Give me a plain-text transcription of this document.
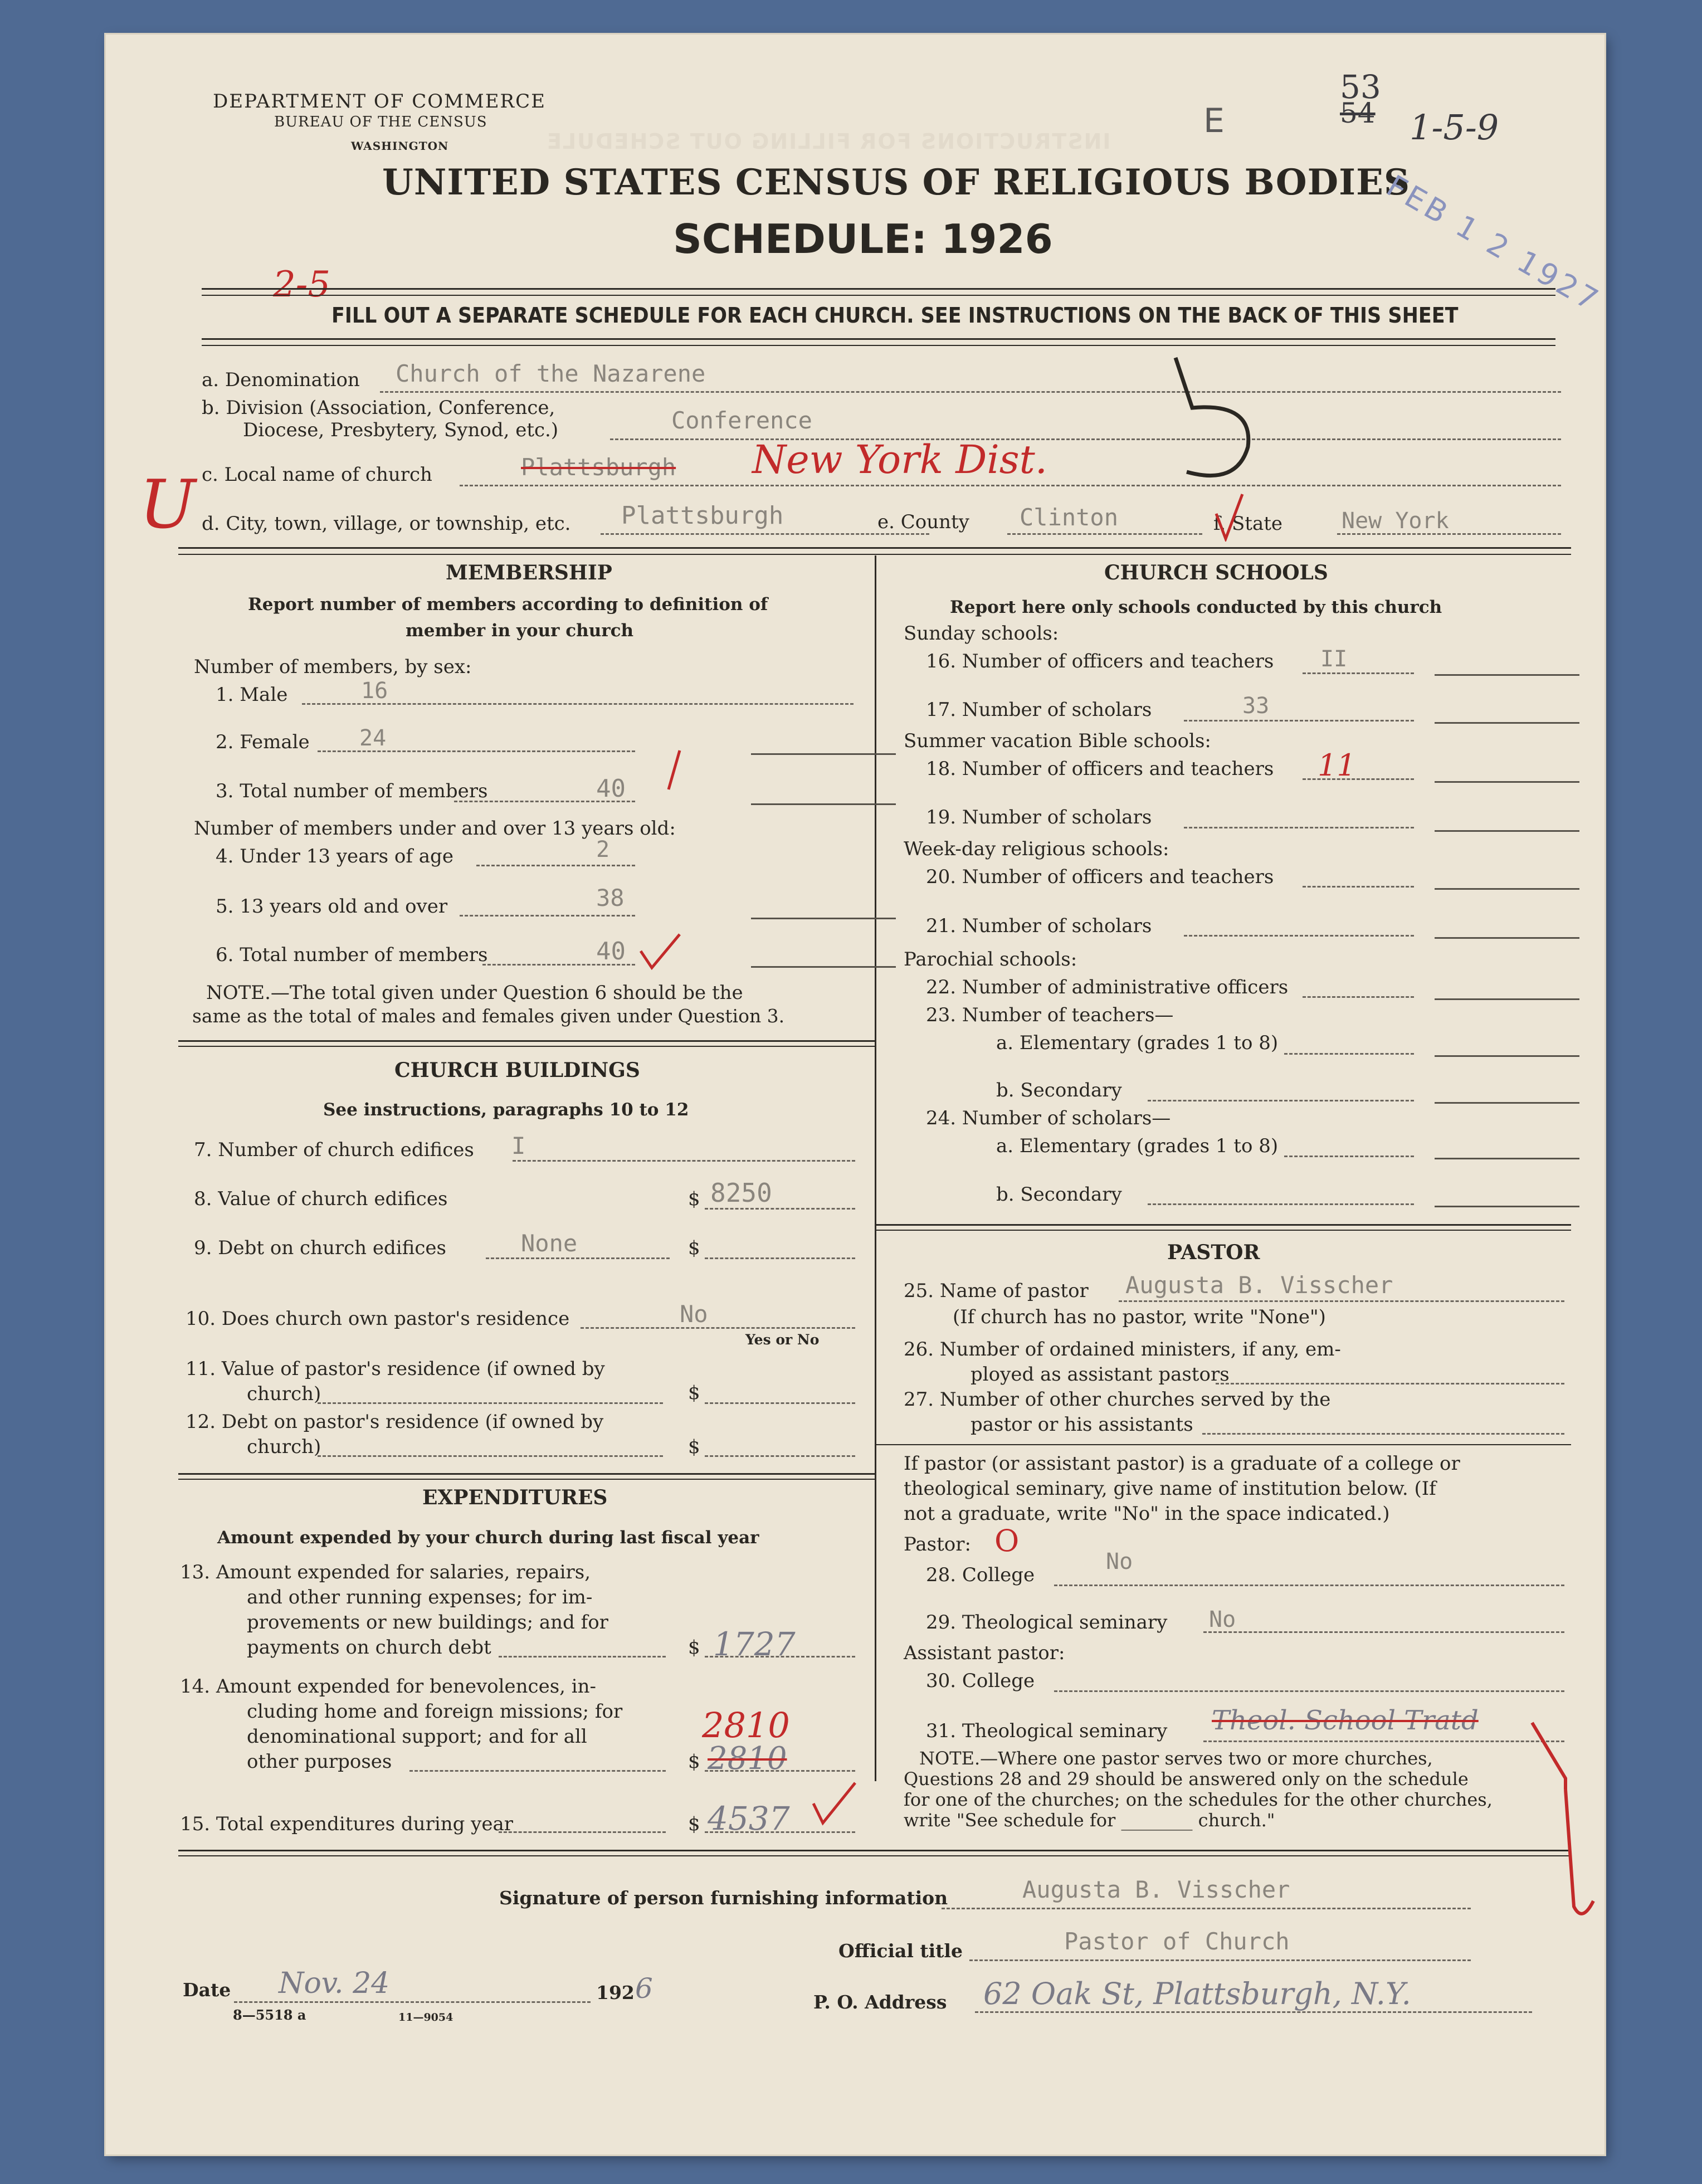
INSTRUCTIONS FOR FILLING OUT SCHEDULE
DEPARTMENT OF COMMERCE
BUREAU OF THE CENSUS
WASHINGTON
UNITED STATES CENSUS OF RELIGIOUS BODIES
SCHEDULE: 1926
E
53
54 1-5-9
FEB 1 2 1927
2-5
FILL OUT A SEPARATE SCHEDULE FOR EACH CHURCH. SEE INSTRUCTIONS ON THE BACK OF THIS SHEET
a. Denomination Church of the Nazarene
b. Division (Association, Conference,
Diocese, Presbytery, Synod, etc.)	Conference
c. Local name of church	Plattsburgh New York Dist.
U d. City, town, village, or township, etc. Plattsburgh	e. County Clinton	f. State	New York
MEMBERSHIP
Report number of members according to definition of
member in your church
Number of members, by sex:
1. Male	16
2. Female 24
3. Total number of members	40
Number of members under and over 13 years old:
4. Under 13 years of age	2
5. 13 years old and over	38
6. Total number of members	40
NOTE.—The total given under Question 6 should be the
same as the total of males and females given under Question 3.
CHURCH BUILDINGS
See instructions, paragraphs 10 to 12
7. Number of church edifices I
8. Value of church edifices	$ 8250
9. Debt on church edifices	None	$
10. Does church own pastor's residence	No
Yes or No
11. Value of pastor's residence (if owned by
church)	$
12. Debt on pastor's residence (if owned by
church)	$
EXPENDITURES
Amount expended by your church during last fiscal year
13. Amount expended for salaries, repairs,
and other running expenses; for im-
provements or new buildings; and for
payments on church debt	$ 1727
14. Amount expended for benevolences, in-
cluding home and foreign missions; for
denominational support; and for all
other purposes	$
2810
2810
15. Total expenditures during year	$ 4537
CHURCH SCHOOLS
Report here only schools conducted by this church
Sunday schools:
16. Number of officers and teachers II
17. Number of scholars	33
Summer vacation Bible schools:
18. Number of officers and teachers 11
19. Number of scholars
Week-day religious schools:
20. Number of officers and teachers
21. Number of scholars
Parochial schools:
22. Number of administrative officers
23. Number of teachers—
a. Elementary (grades 1 to 8)
b. Secondary
24. Number of scholars—
a. Elementary (grades 1 to 8)
b. Secondary
PASTOR
25. Name of pastor Augusta B. Visscher
(If church has no pastor, write "None")
26. Number of ordained ministers, if any, em-
ployed as assistant pastors
27. Number of other churches served by the
pastor or his assistants
If pastor (or assistant pastor) is a graduate of a college or
theological seminary, give name of institution below. (If
not a graduate, write "No" in the space indicated.)
Pastor: O
28. College
No
29. Theological seminary No
Assistant pastor:
30. College
31. Theological seminary Theol. School Tratd
NOTE.—Where one pastor serves two or more churches,
Questions 28 and 29 should be answered only on the schedule
for one of the churches; on the schedules for the other churches,
write "See schedule for ________ church."
Signature of person furnishing information	Augusta B. Visscher
Official title	Pastor of Church
Date Nov. 24	192 6	P. O. Address 62 Oak St, Plattsburgh, N.Y.
8—5518 a	11—9054
